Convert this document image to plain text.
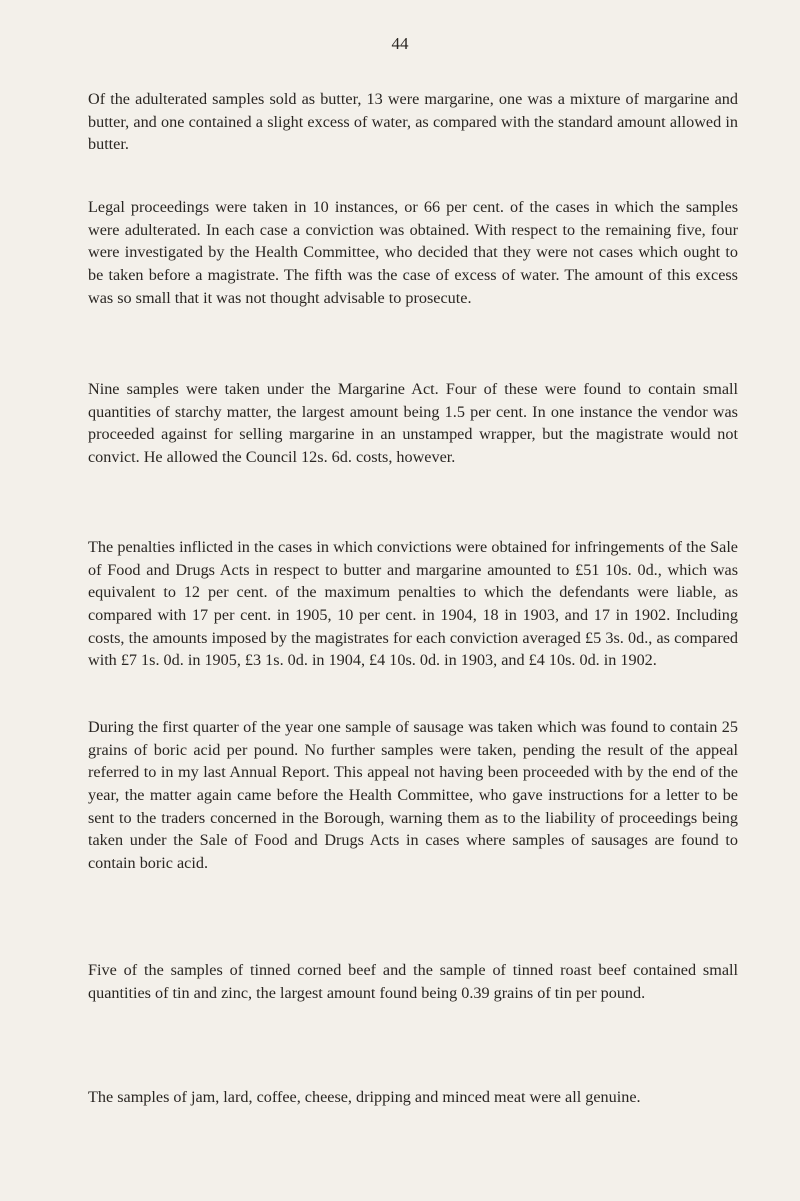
44

Of the adulterated samples sold as butter, 13 were margarine, one was a mixture of margarine and butter, and one contained a slight excess of water, as compared with the standard amount allowed in butter.

Legal proceedings were taken in 10 instances, or 66 per cent. of the cases in which the samples were adulterated. In each case a conviction was obtained. With respect to the remaining five, four were investigated by the Health Committee, who decided that they were not cases which ought to be taken before a magistrate. The fifth was the case of excess of water. The amount of this excess was so small that it was not thought advisable to prosecute.

Nine samples were taken under the Margarine Act. Four of these were found to contain small quantities of starchy matter, the largest amount being 1.5 per cent. In one instance the vendor was proceeded against for selling margarine in an unstamped wrapper, but the magistrate would not convict. He allowed the Council 12s. 6d. costs, however.

The penalties inflicted in the cases in which convictions were obtained for infringements of the Sale of Food and Drugs Acts in respect to butter and margarine amounted to £51 10s. 0d., which was equivalent to 12 per cent. of the maximum penalties to which the defendants were liable, as compared with 17 per cent. in 1905, 10 per cent. in 1904, 18 in 1903, and 17 in 1902. Including costs, the amounts imposed by the magistrates for each conviction averaged £5 3s. 0d., as compared with £7 1s. 0d. in 1905, £3 1s. 0d. in 1904, £4 10s. 0d. in 1903, and £4 10s. 0d. in 1902.

During the first quarter of the year one sample of sausage was taken which was found to contain 25 grains of boric acid per pound. No further samples were taken, pending the result of the appeal referred to in my last Annual Report. This appeal not having been proceeded with by the end of the year, the matter again came before the Health Committee, who gave instructions for a letter to be sent to the traders concerned in the Borough, warning them as to the liability of proceedings being taken under the Sale of Food and Drugs Acts in cases where samples of sausages are found to contain boric acid.

Five of the samples of tinned corned beef and the sample of tinned roast beef contained small quantities of tin and zinc, the largest amount found being 0.39 grains of tin per pound.

The samples of jam, lard, coffee, cheese, dripping and minced meat were all genuine.
